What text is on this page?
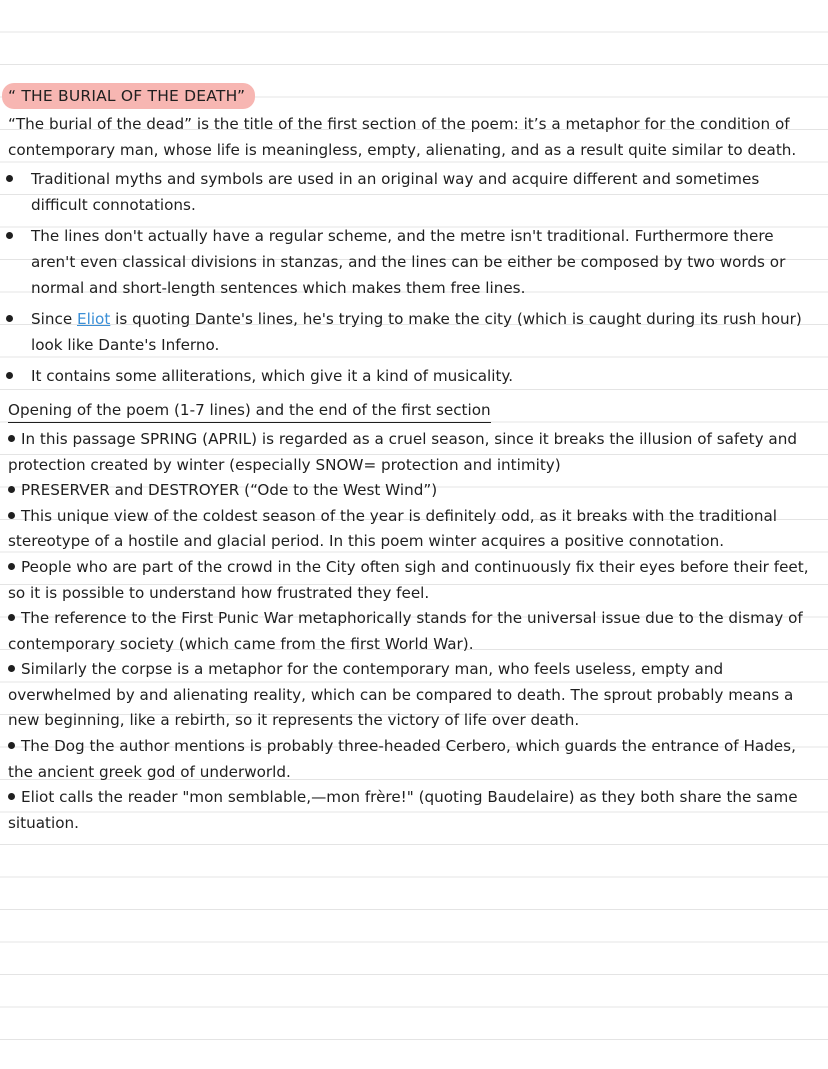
“ THE BURIAL OF THE DEATH”
“The burial of the dead” is the title of the first section of the poem: it’s a metaphor for the condition of contemporary man, whose life is meaningless, empty, alienating, and as a result quite similar to death.
Traditional myths and symbols are used in an original way and acquire different and sometimes difficult connotations.
The lines don't actually have a regular scheme, and the metre isn't traditional. Furthermore there aren't even classical divisions in stanzas, and the lines can be either be composed by two words or normal and short-length sentences which makes them free lines.
Since Eliot is quoting Dante's lines, he's trying to make the city (which is caught during its rush hour) look like Dante's Inferno.
It contains some alliterations, which give it a kind of musicality.
Opening of the poem (1-7 lines) and the end of the first section
In this passage SPRING (APRIL) is regarded as a cruel season, since it breaks the illusion of safety and protection created by winter (especially SNOW= protection and intimity)
PRESERVER and DESTROYER (“Ode to the West Wind”)
This unique view of the coldest season of the year is definitely odd, as it breaks with the traditional stereotype of a hostile and glacial period. In this poem winter acquires a positive connotation.
People who are part of the crowd in the City often sigh and continuously fix their eyes before their feet, so it is possible to understand how frustrated they feel.
The reference to the First Punic War metaphorically stands for the universal issue due to the dismay of contemporary society (which came from the first World War).
Similarly the corpse is a metaphor for the contemporary man, who feels useless, empty and overwhelmed by and alienating reality, which can be compared to death. The sprout probably means a new beginning, like a rebirth, so it represents the victory of life over death.
The Dog the author mentions is probably three-headed Cerbero, which guards the entrance of Hades, the ancient greek god of underworld.
Eliot calls the reader "mon semblable,—mon frère!" (quoting Baudelaire) as they both share the same situation.
